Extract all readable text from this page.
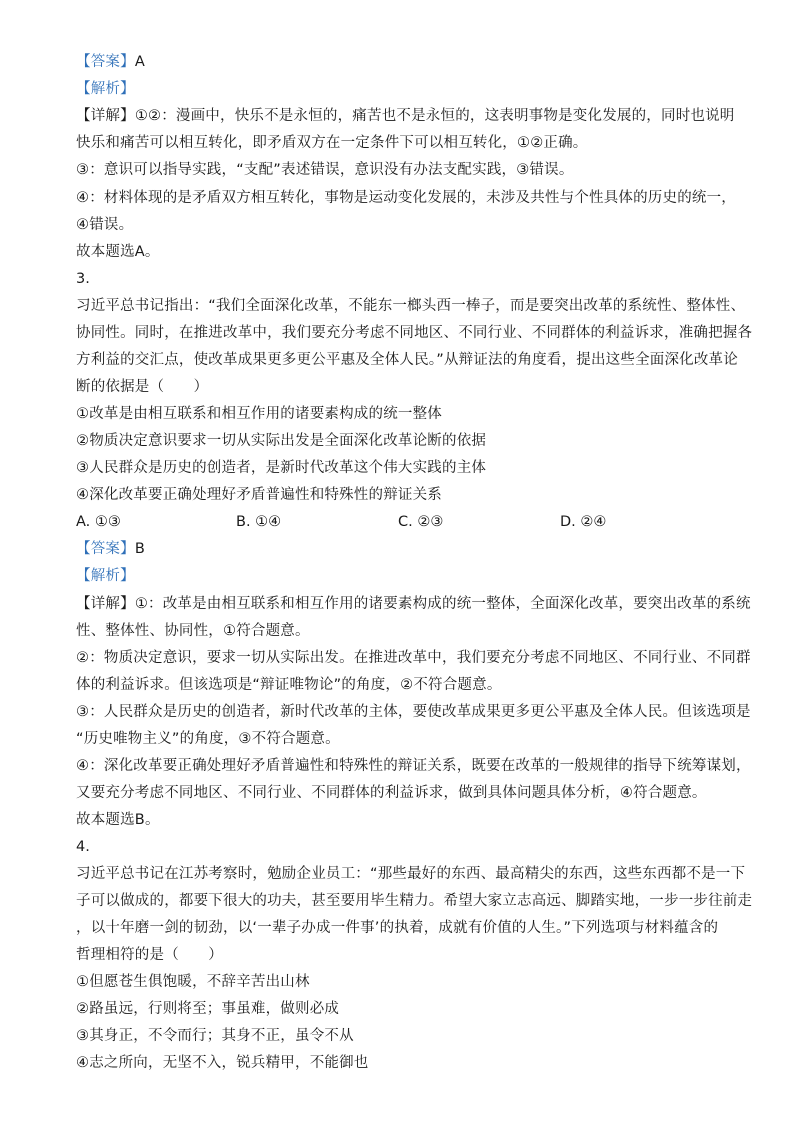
【答案】A
【解析】
【详解】①②：漫画中，快乐不是永恒的，痛苦也不是永恒的，这表明事物是变化发展的，同时也说明
快乐和痛苦可以相互转化，即矛盾双方在一定条件下可以相互转化，①②正确。
③：意识可以指导实践，“支配”表述错误，意识没有办法支配实践，③错误。
④：材料体现的是矛盾双方相互转化，事物是运动变化发展的，未涉及共性与个性具体的历史的统一，
④错误。
故本题选A。
3.
习近平总书记指出：“我们全面深化改革，不能东一榔头西一棒子，而是要突出改革的系统性、整体性、
协同性。同时，在推进改革中，我们要充分考虑不同地区、不同行业、不同群体的利益诉求，准确把握各
方利益的交汇点，使改革成果更多更公平惠及全体人民。”从辩证法的角度看，提出这些全面深化改革论
断的依据是（　　）
①改革是由相互联系和相互作用的诸要素构成的统一整体
②物质决定意识要求一切从实际出发是全面深化改革论断的依据
③人民群众是历史的创造者，是新时代改革这个伟大实践的主体
④深化改革要正确处理好矛盾普遍性和特殊性的辩证关系
A. ①③	B. ①④	C. ②③	D. ②④
【答案】B
【解析】
【详解】①：改革是由相互联系和相互作用的诸要素构成的统一整体，全面深化改革，要突出改革的系统
性、整体性、协同性，①符合题意。
②：物质决定意识，要求一切从实际出发。在推进改革中，我们要充分考虑不同地区、不同行业、不同群
体的利益诉求。但该选项是“辩证唯物论”的角度，②不符合题意。
③：人民群众是历史的创造者，新时代改革的主体，要使改革成果更多更公平惠及全体人民。但该选项是
“历史唯物主义”的角度，③不符合题意。
④：深化改革要正确处理好矛盾普遍性和特殊性的辩证关系，既要在改革的一般规律的指导下统筹谋划，
又要充分考虑不同地区、不同行业、不同群体的利益诉求，做到具体问题具体分析，④符合题意。
故本题选B。
4.
习近平总书记在江苏考察时，勉励企业员工：“那些最好的东西、最高精尖的东西，这些东西都不是一下
子可以做成的，都要下很大的功夫，甚至要用毕生精力。希望大家立志高远、脚踏实地，一步一步往前走
，以十年磨一剑的韧劲，以‘一辈子办成一件事’的执着，成就有价值的人生。”下列选项与材料蕴含的
哲理相符的是（　　）
①但愿苍生俱饱暖，不辞辛苦出山林
②路虽远，行则将至；事虽难，做则必成
③其身正，不令而行；其身不正，虽令不从
④志之所向，无坚不入，锐兵精甲，不能御也
